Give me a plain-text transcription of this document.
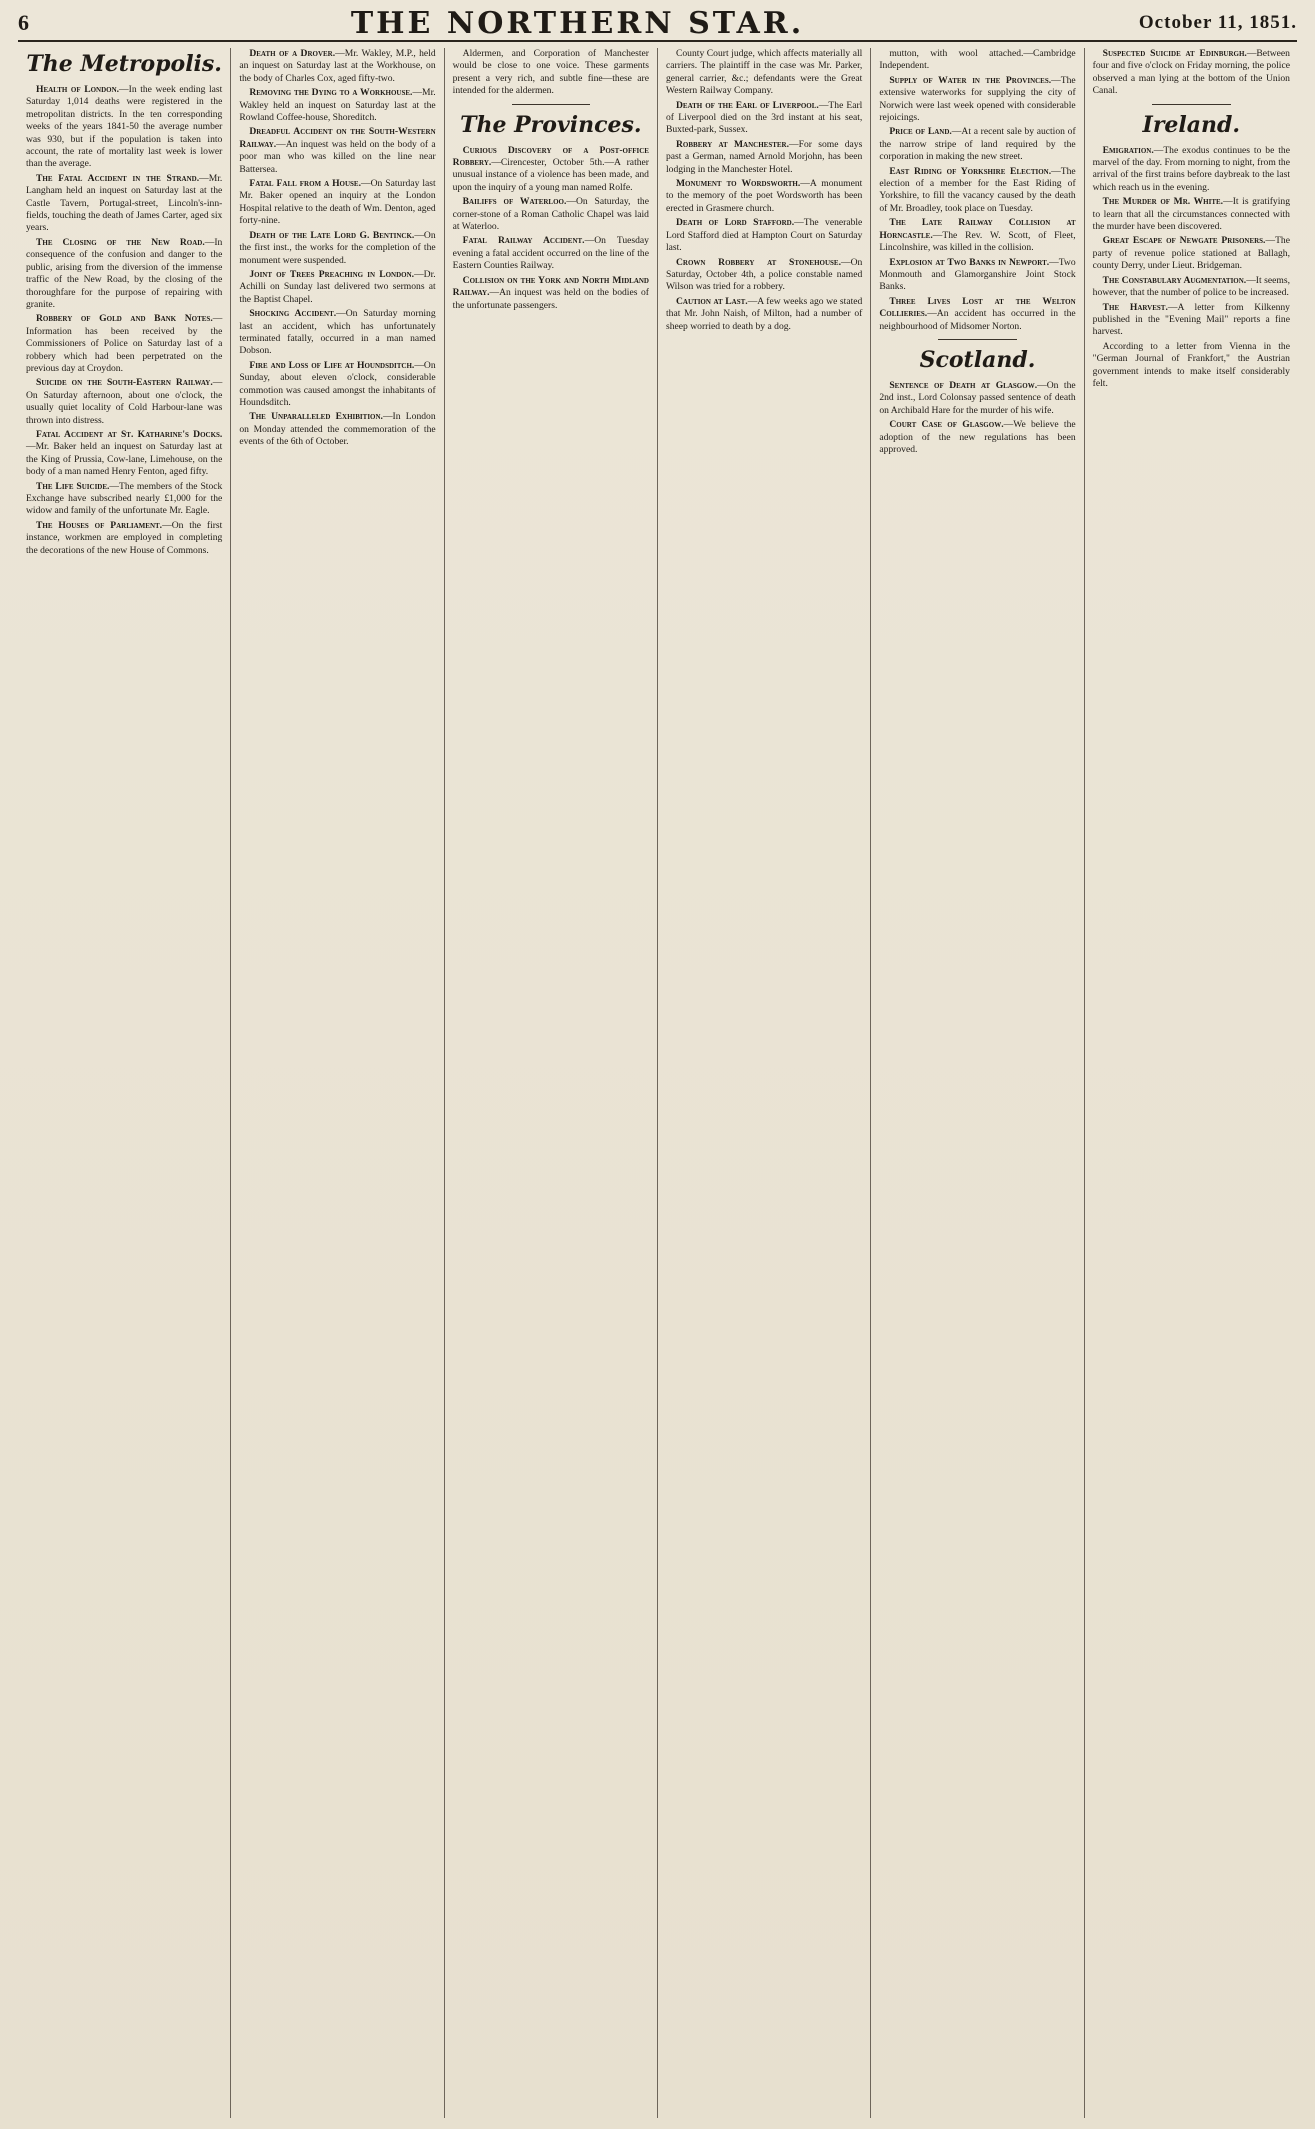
6	THE NORTHERN STAR.	October 11, 1851.
The Metropolis.

Health of London.—In the week ending last Saturday 1,014 deaths were registered in the metropolitan districts. In the ten corresponding weeks of the years 1841-50 the average number was 930, but if the population is taken into account, the rate of mortality last week is lower than the average.

The Fatal Accident in the Strand.—Mr. Langham held an inquest on Saturday last at the Castle Tavern, Portugal-street, Lincoln's-inn-fields, touching the death of James Carter, aged six years.

The Closing of the New Road.—In consequence of the confusion and danger to the public, arising from the diversion of the immense traffic of the New Road, by the closing of the thoroughfare for the purpose of repairing with granite.

Robbery of Gold and Bank Notes.—Information has been received by the Commissioners of Police on Saturday last of a robbery which had been perpetrated on the previous day at Croydon.

Suicide on the South-Eastern Railway.—On Saturday afternoon, about one o'clock, the usually quiet locality of Cold Harbour-lane was thrown into distress.

Fatal Accident at St. Katharine's Docks.—Mr. Baker held an inquest on Saturday last at the King of Prussia, Cow-lane, Limehouse, on the body of a man named Henry Fenton, aged fifty.

The Life Suicide.—The members of the Stock Exchange have subscribed nearly £1,000 for the widow and family of the unfortunate Mr. Eagle.

The Houses of Parliament.—On the first instance, workmen are employed in completing the decorations of the new House of Commons.

Death of a Drover.—Mr. Wakley, M.P., held an inquest on Saturday last at the Workhouse, on the body of Charles Cox, aged fifty-two.

Removing the Dying to a Workhouse.—Mr. Wakley held an inquest on Saturday last at the Rowland Coffee-house, Shoreditch.

Dreadful Accident on the South-Western Railway.—An inquest was held on the body of a poor man who was killed on the line near Battersea.

Fatal Fall from a House.—On Saturday last Mr. Baker opened an inquiry at the London Hospital relative to the death of Wm. Denton, aged forty-nine.

Death of the Late Lord G. Bentinck.—On the first inst., the works for the completion of the monument were suspended.

Joint of Trees Preaching in London.—Dr. Achilli on Sunday last delivered two sermons at the Baptist Chapel.

Shocking Accident.—On Saturday morning last an accident, which has unfortunately terminated fatally, occurred in a man named Dobson.

Fire and Loss of Life at Houndsditch.—On Sunday, about eleven o'clock, considerable commotion was caused amongst the inhabitants of Houndsditch.

The Unparalleled Exhibition.—In London on Monday attended the commemoration of the events of the 6th of October.

Aldermen, and Corporation of Manchester would be close to one voice. These garments present a very rich, and subtle fine—these are intended for the aldermen.

The Provinces.

Curious Discovery of a Post-office Robbery.—Cirencester, October 5th.—A rather unusual instance of a violence has been made, and upon the inquiry of a young man named Rolfe.

Bailiffs of Waterloo.—On Saturday, the corner-stone of a Roman Catholic Chapel was laid at Waterloo.

Fatal Railway Accident.—On Tuesday evening a fatal accident occurred on the line of the Eastern Counties Railway.

Collision on the York and North Midland Railway.—An inquest was held on the bodies of the unfortunate passengers.

County Court judge, which affects materially all carriers. The plaintiff in the case was Mr. Parker, general carrier, &c.; defendants were the Great Western Railway Company.

Death of the Earl of Liverpool.—The Earl of Liverpool died on the 3rd instant at his seat, Buxted-park, Sussex.

Robbery at Manchester.—For some days past a German, named Arnold Morjohn, has been lodging in the Manchester Hotel.

Monument to Wordsworth.—A monument to the memory of the poet Wordsworth has been erected in Grasmere church.

Death of Lord Stafford.—The venerable Lord Stafford died at Hampton Court on Saturday last.

Crown Robbery at Stonehouse.—On Saturday, October 4th, a police constable named Wilson was tried for a robbery.

Caution at Last.—A few weeks ago we stated that Mr. John Naish, of Milton, had a number of sheep worried to death by a dog.

mutton, with wool attached.—Cambridge Independent.

Supply of Water in the Provinces.—The extensive waterworks for supplying the city of Norwich were last week opened with considerable rejoicings.

Price of Land.—At a recent sale by auction of the narrow stripe of land required by the corporation in making the new street.

East Riding of Yorkshire Election.—The election of a member for the East Riding of Yorkshire, to fill the vacancy caused by the death of Mr. Broadley, took place on Tuesday.

The Late Railway Collision at Horncastle.—The Rev. W. Scott, of Fleet, Lincolnshire, was killed in the collision.

Explosion at Two Banks in Newport.—Two Monmouth and Glamorganshire Joint Stock Banks.

Three Lives Lost at the Welton Collieries.—An accident has occurred in the neighbourhood of Midsomer Norton.

Scotland.

Sentence of Death at Glasgow.—On the 2nd inst., Lord Colonsay passed sentence of death on Archibald Hare for the murder of his wife.

Court Case of Glasgow.—We believe the adoption of the new regulations has been approved.

Suspected Suicide at Edinburgh.—Between four and five o'clock on Friday morning, the police observed a man lying at the bottom of the Union Canal.

Ireland.

Emigration.—The exodus continues to be the marvel of the day. From morning to night, from the arrival of the first trains before daybreak to the last which reach us in the evening.

The Murder of Mr. White.—It is gratifying to learn that all the circumstances connected with the murder have been discovered.

Great Escape of Newgate Prisoners.—The party of revenue police stationed at Ballagh, county Derry, under Lieut. Bridgeman.

The Constabulary Augmentation.—It seems, however, that the number of police to be increased.

The Harvest.—A letter from Kilkenny published in the "Evening Mail" reports a fine harvest.

According to a letter from Vienna in the "German Journal of Frankfort," the Austrian government intends to make itself considerably felt.
